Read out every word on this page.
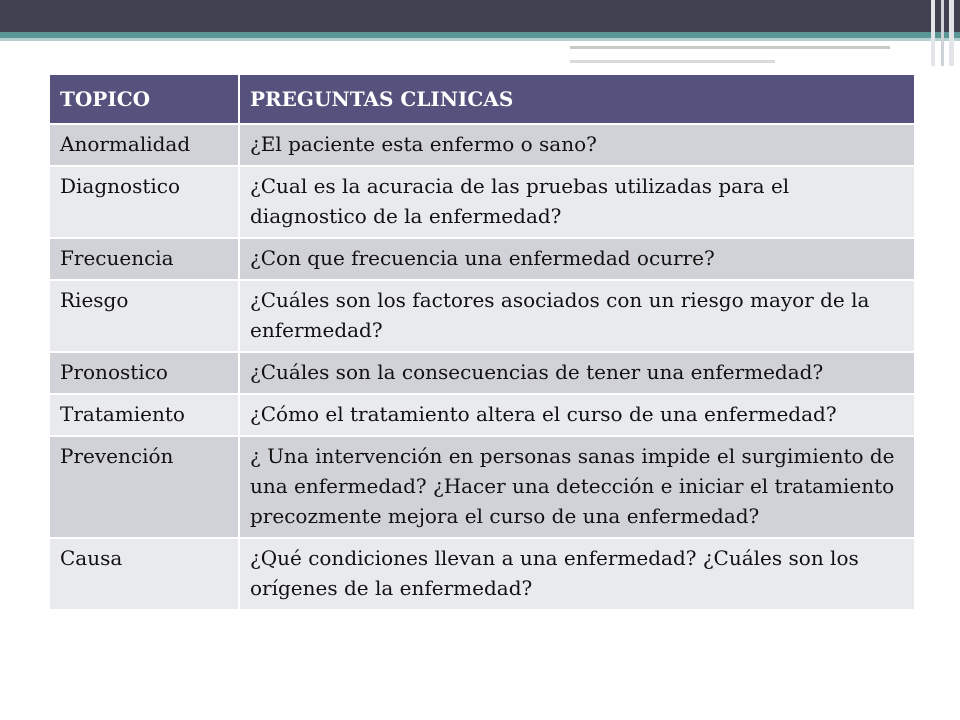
TOPICO	PREGUNTAS CLINICAS
Anormalidad	¿El paciente esta enfermo o sano?
Diagnostico	¿Cual es la acuracia de las pruebas utilizadas para el diagnostico de la enfermedad?
Frecuencia	¿Con que frecuencia una enfermedad ocurre?
Riesgo	¿Cuáles son los factores asociados con un riesgo mayor de la enfermedad?
Pronostico	¿Cuáles son la consecuencias de tener una enfermedad?
Tratamiento	¿Cómo el tratamiento altera el curso de una enfermedad?
Prevención	¿ Una intervención en personas sanas impide el surgimiento de una enfermedad? ¿Hacer una detección e iniciar el tratamiento precozmente mejora el curso de una enfermedad?
Causa	¿Qué condiciones llevan a una enfermedad? ¿Cuáles son los orígenes de la enfermedad?
